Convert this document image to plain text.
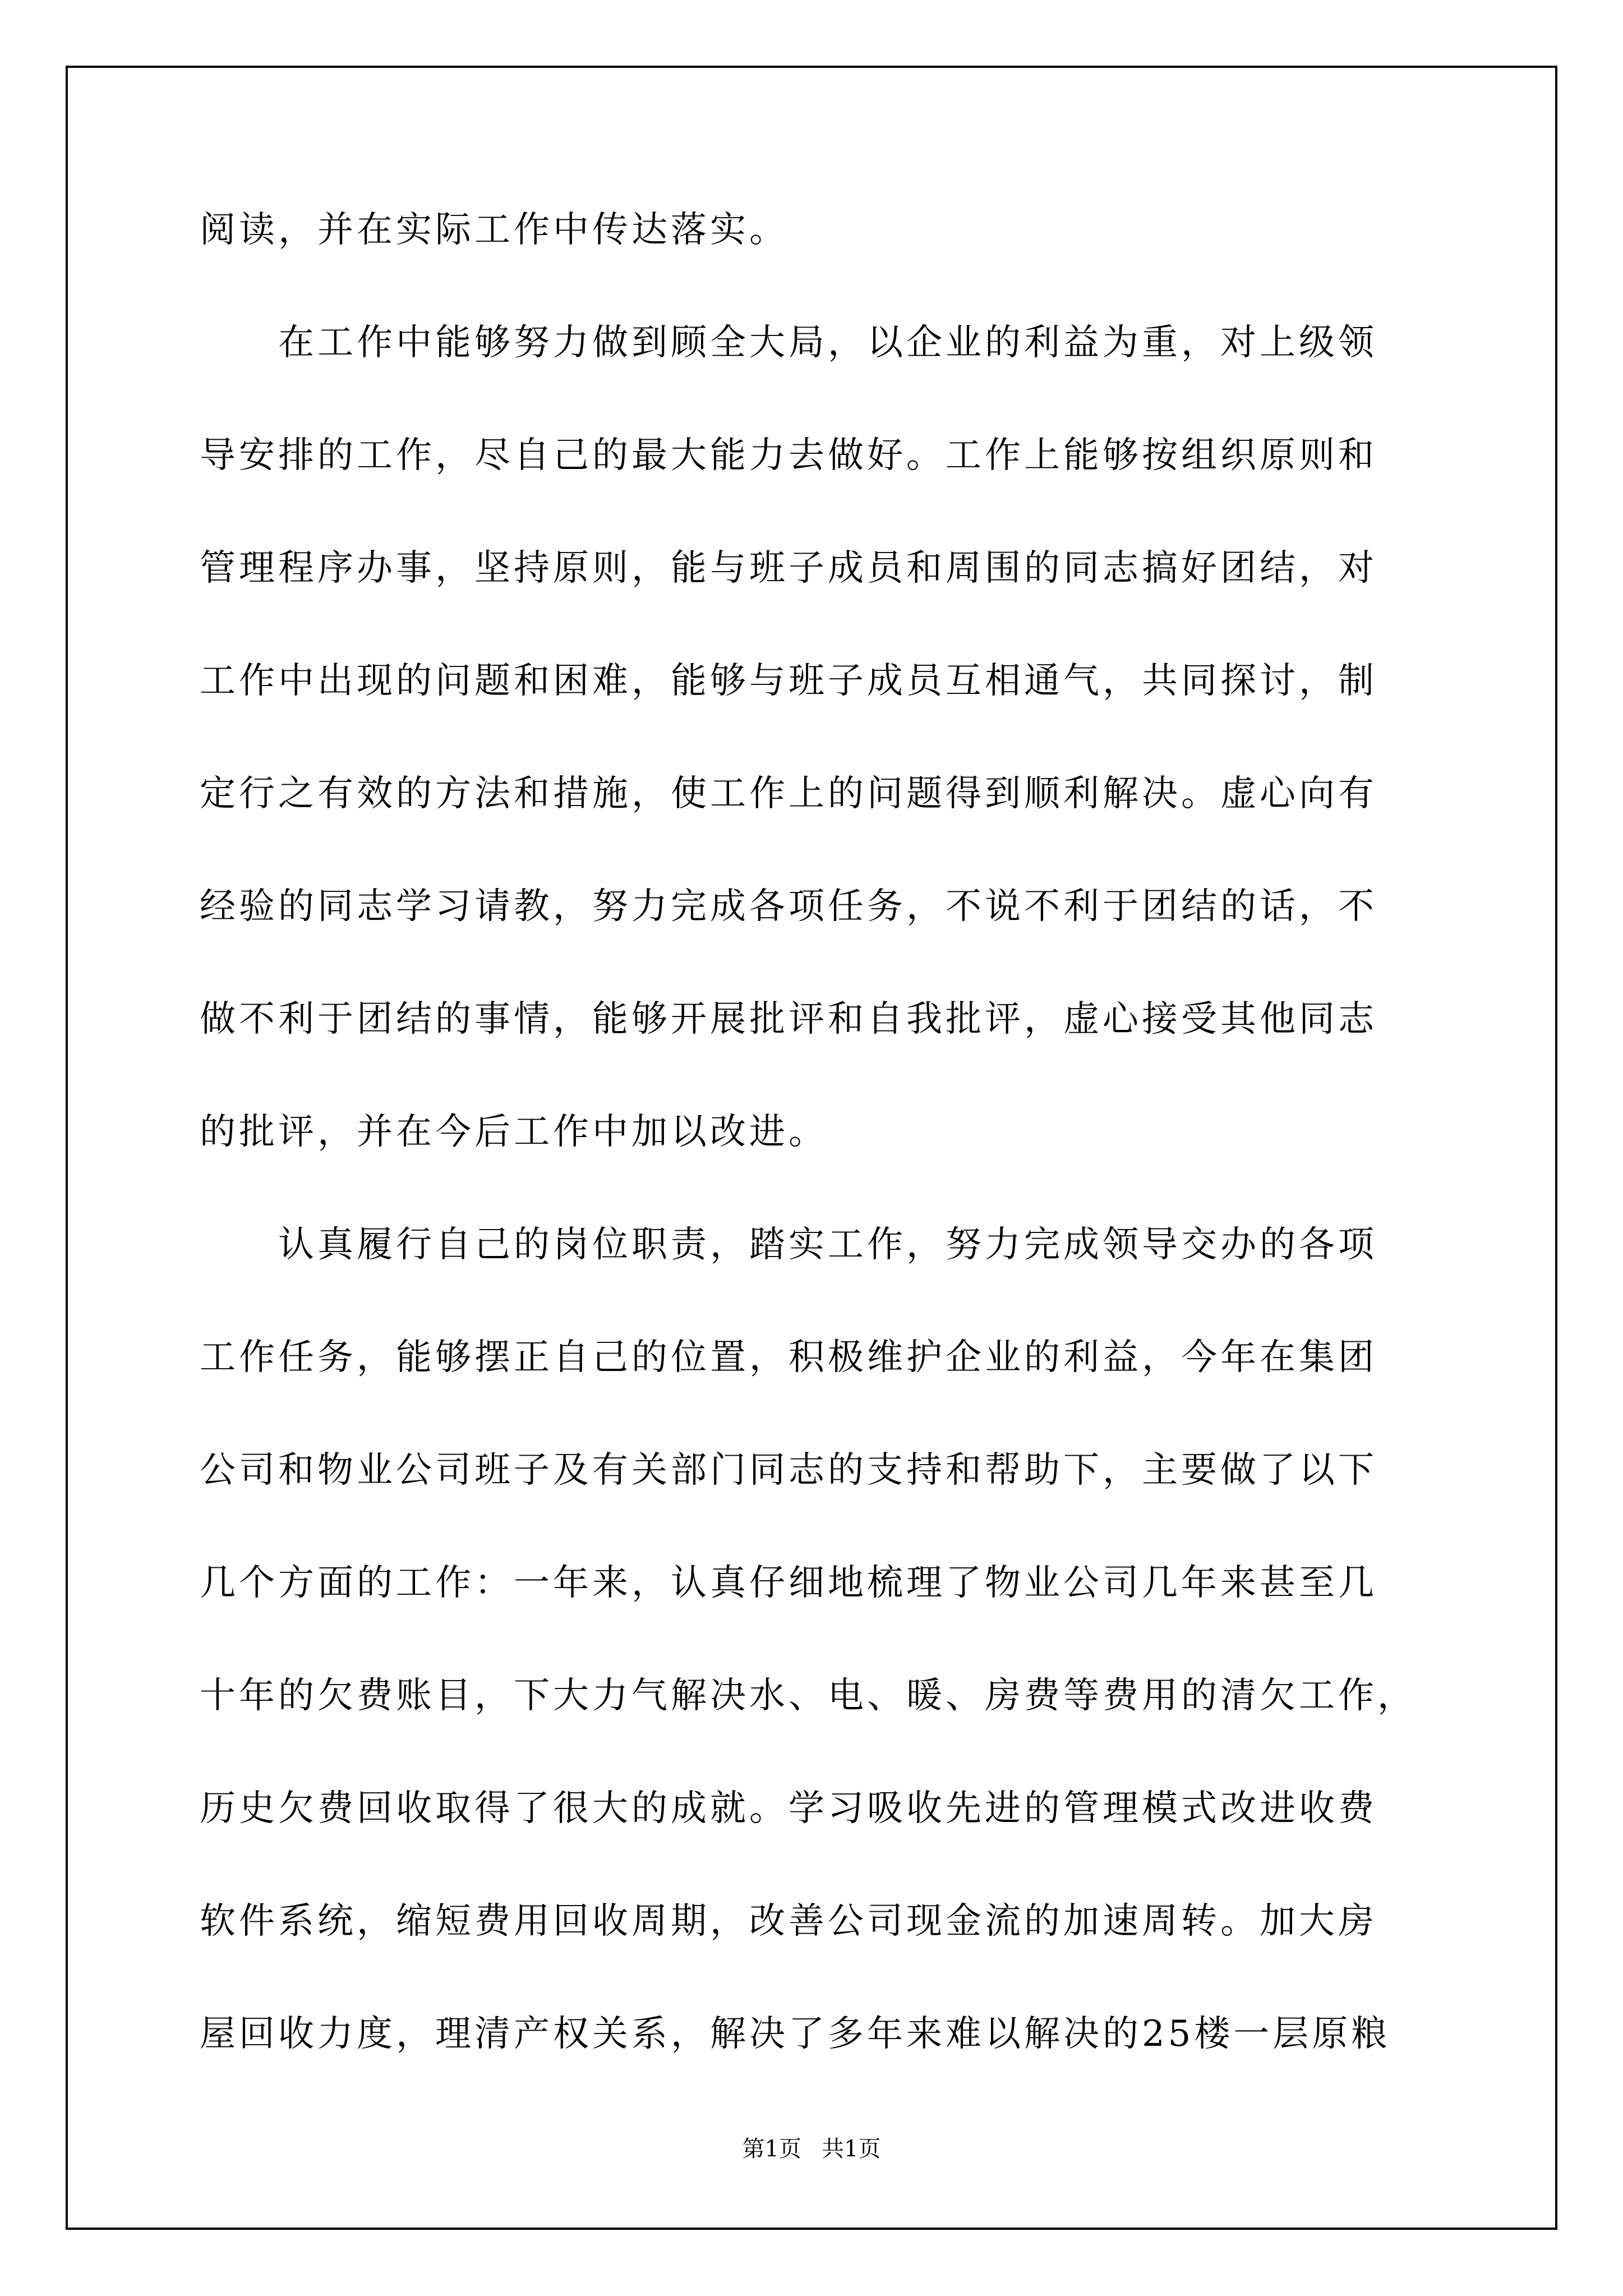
阅读，并在实际工作中传达落实。
　　在工作中能够努力做到顾全大局，以企业的利益为重，对上级领
导安排的工作，尽自己的最大能力去做好。工作上能够按组织原则和
管理程序办事，坚持原则，能与班子成员和周围的同志搞好团结，对
工作中出现的问题和困难，能够与班子成员互相通气，共同探讨，制
定行之有效的方法和措施，使工作上的问题得到顺利解决。虚心向有
经验的同志学习请教，努力完成各项任务，不说不利于团结的话，不
做不利于团结的事情，能够开展批评和自我批评，虚心接受其他同志
的批评，并在今后工作中加以改进。
　　认真履行自己的岗位职责，踏实工作，努力完成领导交办的各项
工作任务，能够摆正自己的位置，积极维护企业的利益，今年在集团
公司和物业公司班子及有关部门同志的支持和帮助下，主要做了以下
几个方面的工作：一年来，认真仔细地梳理了物业公司几年来甚至几
十年的欠费账目，下大力气解决水、电、暖、房费等费用的清欠工作，
历史欠费回收取得了很大的成就。学习吸收先进的管理模式改进收费
软件系统，缩短费用回收周期，改善公司现金流的加速周转。加大房
屋回收力度，理清产权关系，解决了多年来难以解决的25楼一层原粮
第1页 共1页
